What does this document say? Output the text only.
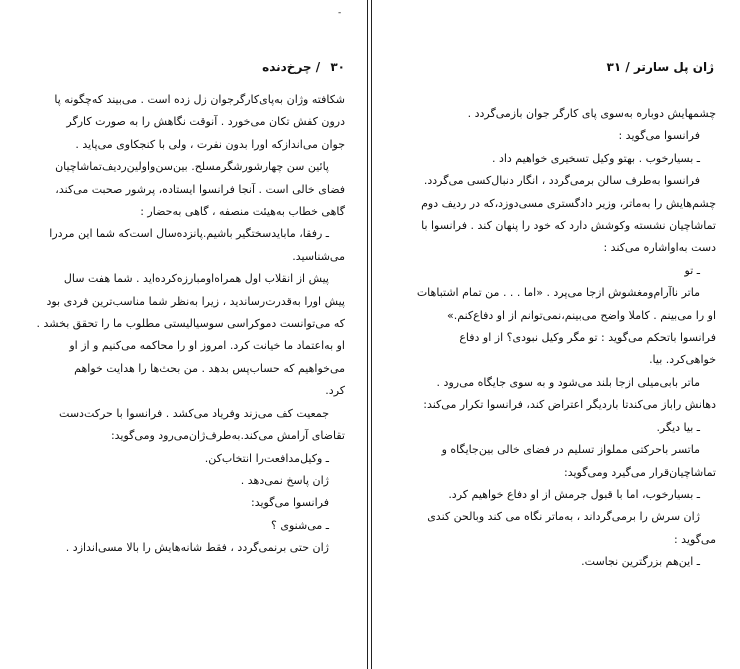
-
۳۰ / چرخ‌دنده
شکافته وژان به‌پای‌کارگرجوان زل زده است . می‌بیند که‌چگونه پا
درون کفش تکان می‌خورد . آنوقت نگاهش را به صورت کارگر
جوان می‌اندازکه اورا بدون نفرت ، ولی با کنجکاوی می‌پاید .
پائین سن چهارشورشگرمسلح. بین‌سن‌واولین‌ردیف‌تماشاچیان
فضای خالی است . آنجا فرانسوا ایستاده، پرشور صحبت می‌کند،
گاهی خطاب به‌هیئت منصفه ، گاهی به‌حضار :
ـ رفقا، ماباید‌سختگیر باشیم.پانزده‌سال است‌که شما این مردرا
می‌شناسید.
پیش از انقلاب اول همراه‌اومبارزه‌کرده‌اید . شما هفت سال
پیش اورا به‌قدرت‌رساندید ، زیرا به‌نظر شما مناسب‌ترین فردی بود
که می‌توانست دموکراسی سوسیالیستی مطلوب ما را تحقق بخشد .
او به‌اعتماد ما خیانت کرد. امروز او را محاکمه می‌کنیم و از او
می‌خواهیم که حساب‌پس بدهد . من بحث‌ها را هدایت خواهم
کرد.
جمعیت کف می‌زند وفریاد می‌کشد . فرانسوا با حرکت‌دست
تقاضای آرامش می‌کند.به‌طرف‌ژان‌می‌رود ومی‌گوید:
ـ وکیل‌مدافعت‌را انتخاب‌کن.
ژان پاسخ نمی‌دهد .
فرانسوا می‌گوید:
ـ می‌شنوی ؟
ژان حتی برنمی‌گردد ، فقط شانه‌هایش را بالا مسی‌اندازد .
ژان پل سارتر / ۳۱
چشمهایش دوباره به‌سوی پای کارگر جوان بازمی‌گردد .
فرانسوا می‌گوید :
ـ بسیارخوب . بهتو وکیل تسخیری خواهیم داد .
فرانسوا به‌طرف سالن برمی‌گردد ، انگار دنبال‌کسی می‌گردد.
چشم‌هایش را به‌ماتر، وزیر دادگستری مسی‌دوزد،که در ردیف دوم
تماشاچیان نشسته وکوشش دارد که خود را پنهان کند . فرانسوا با
دست به‌اواشاره می‌کند :
ـ تو
ماتر ناآرام‌ومغشوش ازجا می‌پرد . «اما . . . من تمام اشتباهات
او را می‌بینم . کاملا واضح می‌بینم،نمی‌توانم از او دفاع‌کنم.»
فرانسوا باتحکم می‌گوید : تو مگر وکیل نبودی؟ از او دفاع
خواهی‌کرد. بیا.
ماتر بابی‌میلی ازجا بلند می‌شود و به سوی جایگاه می‌رود .
دهانش راباز می‌کندتا باردیگر اعتراض کند، فرانسوا تکرار می‌کند:
ـ بیا دیگر.
ماتسر باحرکتی مملواز تسلیم در فضای خالی بین‌جایگاه و
تماشاچیان‌قرار می‌گیرد ومی‌گوید:
ـ بسیارخوب، اما با قبول جرمش از او دفاع خواهیم کرد.
ژان سرش را برمی‌گرداند ، به‌ماتر نگاه می کند وبالحن کندی
می‌گوید :
ـ این‌هم بزرگترین نجاست.
